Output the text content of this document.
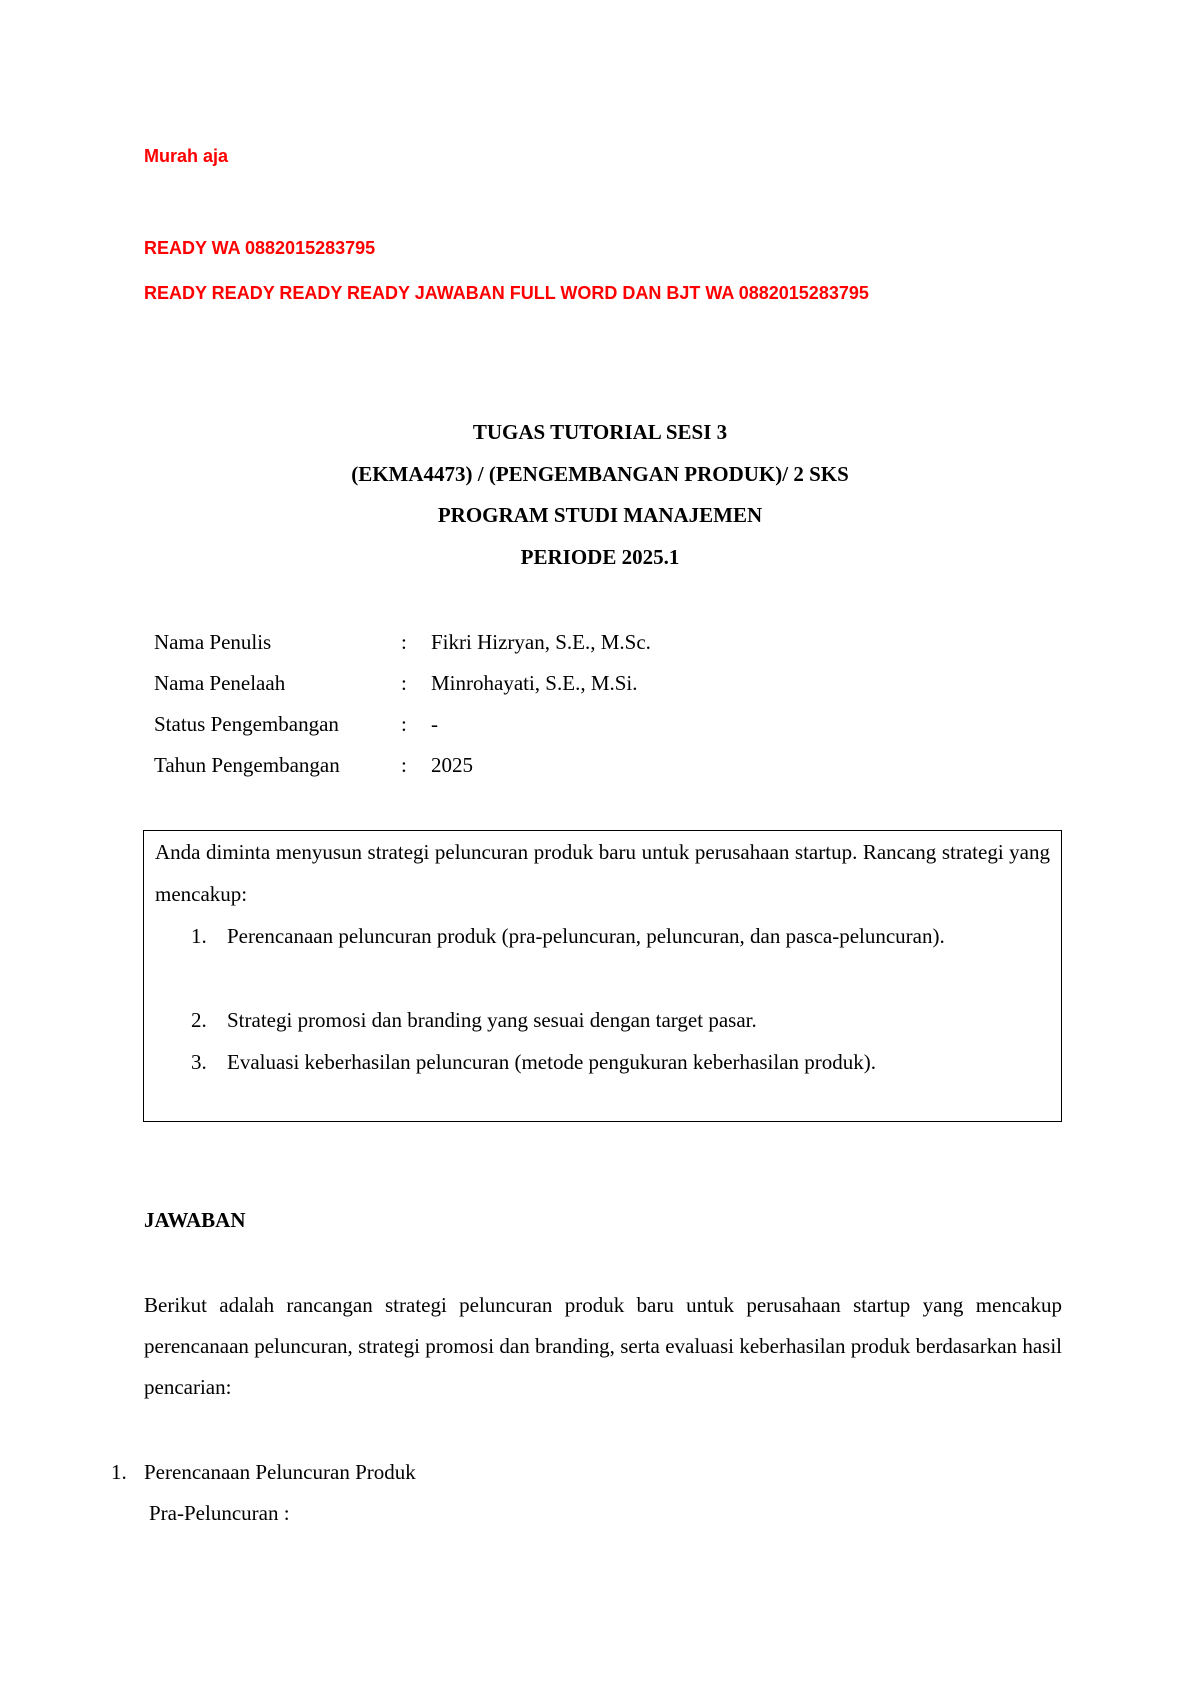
Murah aja
READY WA 0882015283795
READY READY READY READY JAWABAN FULL WORD DAN BJT WA 0882015283795
TUGAS TUTORIAL SESI 3
(EKMA4473) / (PENGEMBANGAN PRODUK)/ 2 SKS
PROGRAM STUDI MANAJEMEN
PERIODE 2025.1
Nama Penulis	: Fikri Hizryan, S.E., M.Sc.
Nama Penelaah	: Minrohayati, S.E., M.Si.
Status Pengembangan	: -
Tahun Pengembangan	: 2025
Anda diminta menyusun strategi peluncuran produk baru untuk perusahaan startup. Rancang strategi yang mencakup:
1. Perencanaan peluncuran produk (pra-peluncuran, peluncuran, dan pasca-peluncuran).
2. Strategi promosi dan branding yang sesuai dengan target pasar.
3. Evaluasi keberhasilan peluncuran (metode pengukuran keberhasilan produk).
JAWABAN
Berikut adalah rancangan strategi peluncuran produk baru untuk perusahaan startup yang mencakup perencanaan peluncuran, strategi promosi dan branding, serta evaluasi keberhasilan produk berdasarkan hasil pencarian:
1. Perencanaan Peluncuran Produk
Pra-Peluncuran :
